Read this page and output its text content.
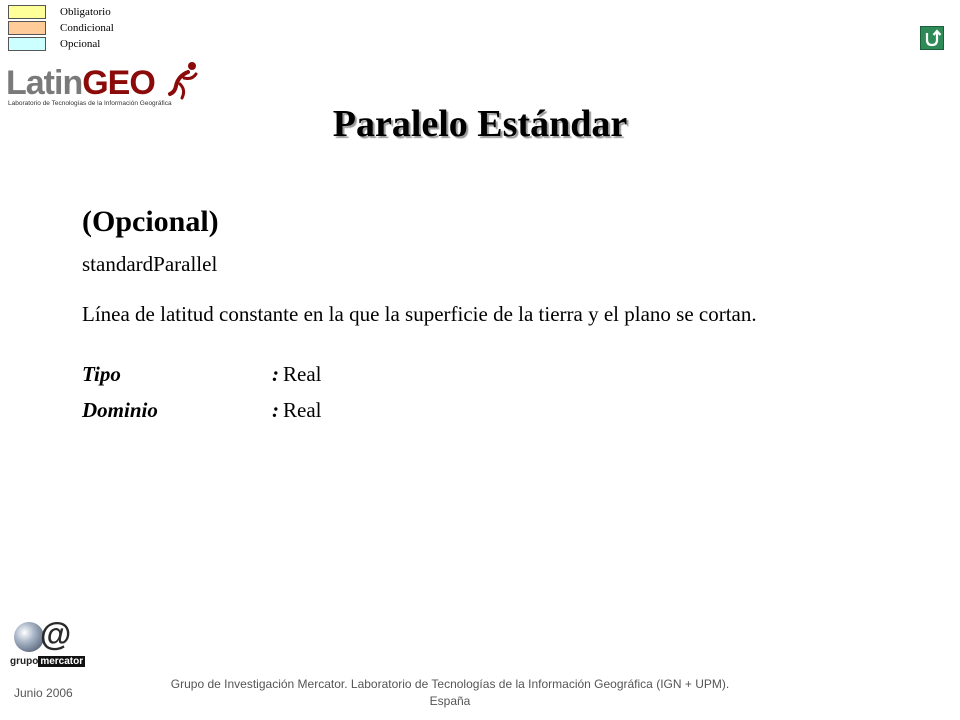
Obligatorio
Condicional
Opcional
LatinGEO
Laboratorio de Tecnologías de la Información Geográfica	Paralelo Estándar
(Opcional)
standardParallel
Línea de latitud constante en la que la superficie de la tierra y el plano se cortan.
Tipo	: Real
Dominio	: Real
@
grupo mercator
Junio 2006
Grupo de Investigación Mercator. Laboratorio de Tecnologías de la Información Geográfica (IGN + UPM).
España
